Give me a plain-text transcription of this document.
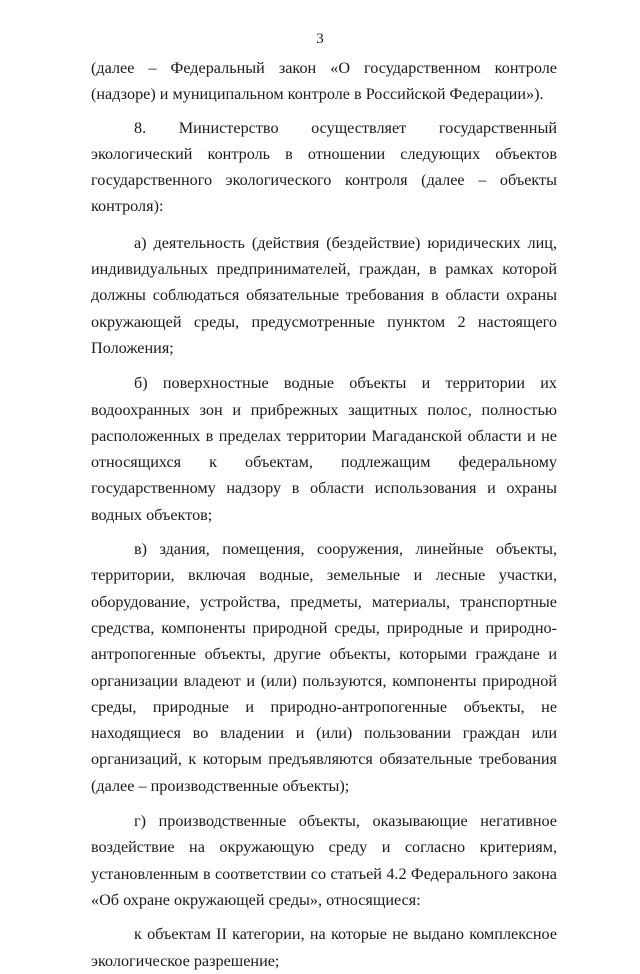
3

(далее – Федеральный закон «О государственном контроле (надзоре) и муниципальном контроле в Российской Федерации»).

8. Министерство осуществляет государственный экологический контроль в отношении следующих объектов государственного экологического контроля (далее – объекты контроля):

а) деятельность (действия (бездействие) юридических лиц, индивидуальных предпринимателей, граждан, в рамках которой должны соблюдаться обязательные требования в области охраны окружающей среды, предусмотренные пунктом 2 настоящего Положения;

б) поверхностные водные объекты и территории их водоохранных зон и прибрежных защитных полос, полностью расположенных в пределах территории Магаданской области и не относящихся к объектам, подлежащим федеральному государственному надзору в области использования и охраны водных объектов;

в) здания, помещения, сооружения, линейные объекты, территории, включая водные, земельные и лесные участки, оборудование, устройства, предметы, материалы, транспортные средства, компоненты природной среды, природные и природно-антропогенные объекты, другие объекты, которыми граждане и организации владеют и (или) пользуются, компоненты природной среды, природные и природно-антропогенные объекты, не находящиеся во владении и (или) пользовании граждан или организаций, к которым предъявляются обязательные требования (далее – производственные объекты);

г) производственные объекты, оказывающие негативное воздействие на окружающую среду и согласно критериям, установленным в соответствии со статьей 4.2 Федерального закона «Об охране окружающей среды», относящиеся:

к объектам II категории, на которые не выдано комплексное экологическое разрешение;
